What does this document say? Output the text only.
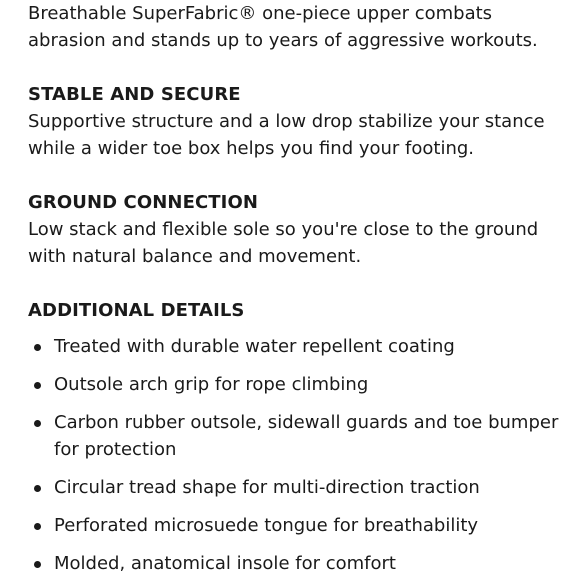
Breathable SuperFabric® one-piece upper combats abrasion and stands up to years of aggressive workouts.

STABLE AND SECURE

Supportive structure and a low drop stabilize your stance while a wider toe box helps you find your footing.

GROUND CONNECTION

Low stack and flexible sole so you're close to the ground with natural balance and movement.

ADDITIONAL DETAILS

Treated with durable water repellent coating
Outsole arch grip for rope climbing
Carbon rubber outsole, sidewall guards and toe bumper for protection
Circular tread shape for multi-direction traction
Perforated microsuede tongue for breathability
Molded, anatomical insole for comfort
